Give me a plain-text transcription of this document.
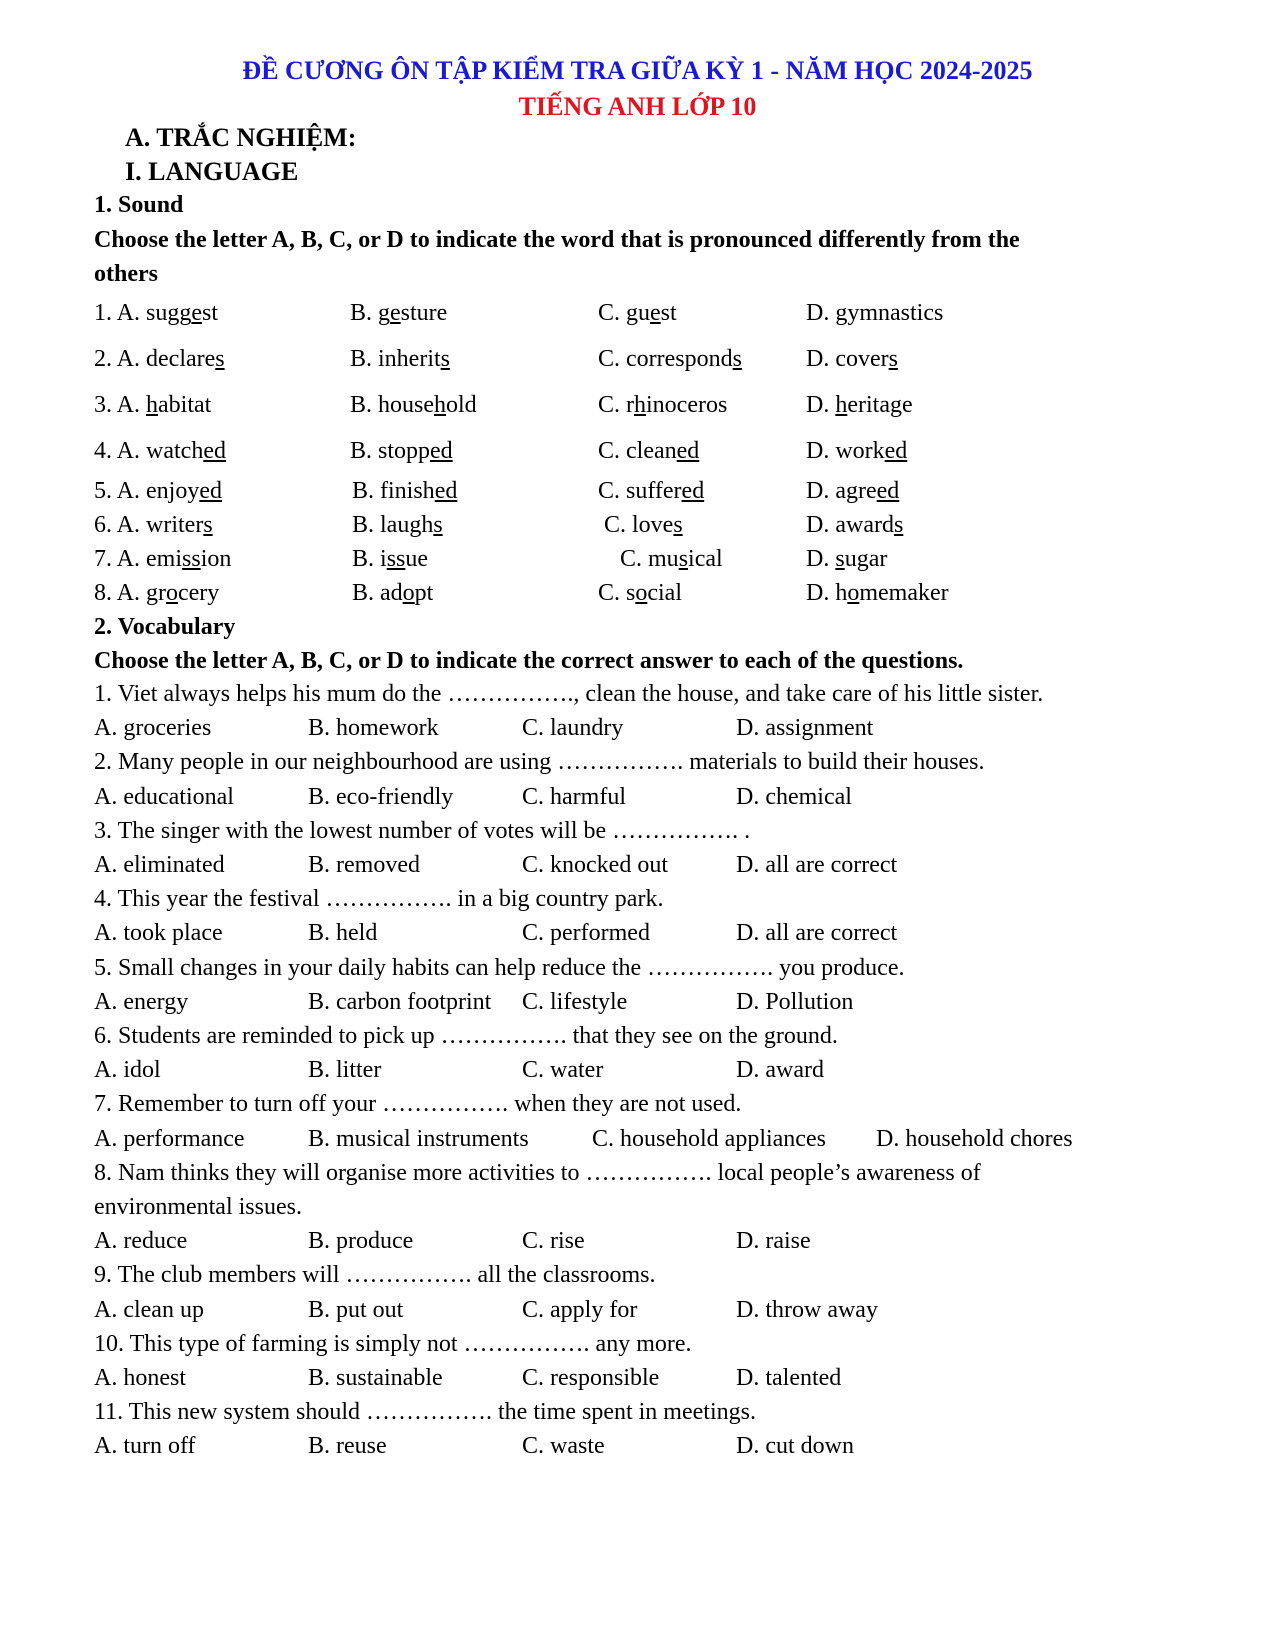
ĐỀ CƯƠNG ÔN TẬP KIỂM TRA GIỮA KỲ 1 - NĂM HỌC 2024-2025
TIẾNG ANH LỚP 10
A. TRẮC NGHIỆM:
I. LANGUAGE
1. Sound
Choose the letter A, B, C, or D to indicate the word that is pronounced differently from the
others
1. A. suggest	B. gesture	C. guest	D. gymnastics
2. A. declares	B. inherits	C. corresponds	D. covers
3. A. habitat	B. household	C. rhinoceros	D. heritage
4. A. watched	B. stopped	C. cleaned	D. worked
5. A. enjoyed	B. finished	C. suffered	D. agreed
6. A. writers	B. laughs	C. loves	D. awards
7. A. emission	B. issue	C. musical	D. sugar
8. A. grocery	B. adopt	C. social	D. homemaker
2. Vocabulary
Choose the letter A, B, C, or D to indicate the correct answer to each of the questions.
1. Viet always helps his mum do the ……………., clean the house, and take care of his little sister.
A. groceries	B. homework	C. laundry	D. assignment
2. Many people in our neighbourhood are using ……………. materials to build their houses.
A. educational	B. eco-friendly	C. harmful	D. chemical
3. The singer with the lowest number of votes will be ……………. .
A. eliminated	B. removed	C. knocked out	D. all are correct
4. This year the festival ……………. in a big country park.
A. took place	B. held	C. performed	D. all are correct
5. Small changes in your daily habits can help reduce the ……………. you produce.
A. energy	B. carbon footprint C. lifestyle	D. Pollution
6. Students are reminded to pick up ……………. that they see on the ground.
A. idol	B. litter	C. water	D. award
7. Remember to turn off your ……………. when they are not used.
A. performance	B. musical instruments	C. household appliances D. household chores
8. Nam thinks they will organise more activities to ……………. local people’s awareness of
environmental issues.
A. reduce	B. produce	C. rise	D. raise
9. The club members will ……………. all the classrooms.
A. clean up	B. put out	C. apply for	D. throw away
10. This type of farming is simply not ……………. any more.
A. honest	B. sustainable	C. responsible	D. talented
11. This new system should ……………. the time spent in meetings.
A. turn off	B. reuse	C. waste	D. cut down
